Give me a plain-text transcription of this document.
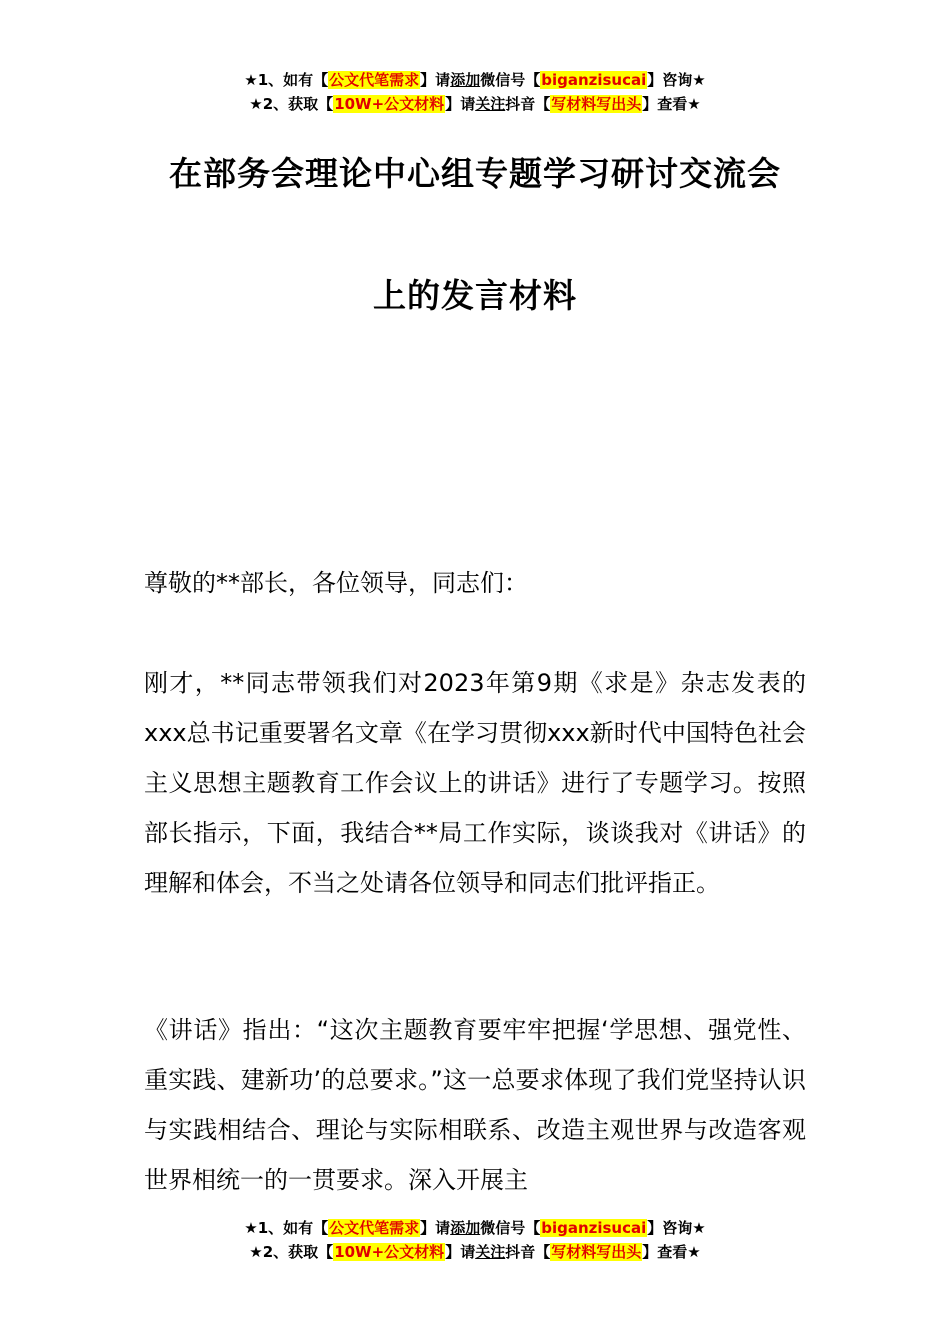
★1、如有【公文代笔需求】请添加微信号【biganzisucai】咨询★
★2、获取【10W+公文材料】请关注抖音【写材料写出头】查看★
在部务会理论中心组专题学习研讨交流会
上的发言材料
尊敬的**部长，各位领导，同志们：

刚才，**同志带领我们对2023年第9期《求是》杂志发表的xxx总书记重要署名文章《在学习贯彻xxx新时代中国特色社会主义思想主题教育工作会议上的讲话》进行了专题学习。按照部长指示，下面，我结合**局工作实际，谈谈我对《讲话》的理解和体会，不当之处请各位领导和同志们批评指正。

《讲话》指出：“这次主题教育要牢牢把握‘学思想、强党性、重实践、建新功’的总要求。”这一总要求体现了我们党坚持认识与实践相结合、理论与实际相联系、改造主观世界与改造客观世界相统一的一贯要求。深入开展主

★1、如有【公文代笔需求】请添加微信号【biganzisucai】咨询★
★2、获取【10W+公文材料】请关注抖音【写材料写出头】查看★
